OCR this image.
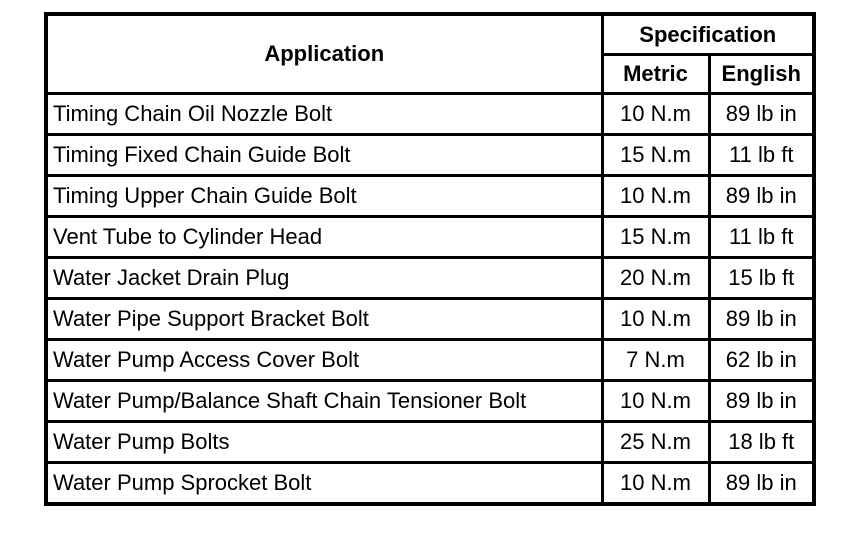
Application	Specification	
	Metric	English
Timing Chain Oil Nozzle Bolt	10 N.m	89 lb in
Timing Fixed Chain Guide Bolt	15 N.m	11 lb ft
Timing Upper Chain Guide Bolt	10 N.m	89 lb in
Vent Tube to Cylinder Head	15 N.m	11 lb ft
Water Jacket Drain Plug	20 N.m	15 lb ft
Water Pipe Support Bracket Bolt	10 N.m	89 lb in
Water Pump Access Cover Bolt	7 N.m	62 lb in
Water Pump/Balance Shaft Chain Tensioner Bolt	10 N.m	89 lb in
Water Pump Bolts	25 N.m	18 lb ft
Water Pump Sprocket Bolt	10 N.m	89 lb in
